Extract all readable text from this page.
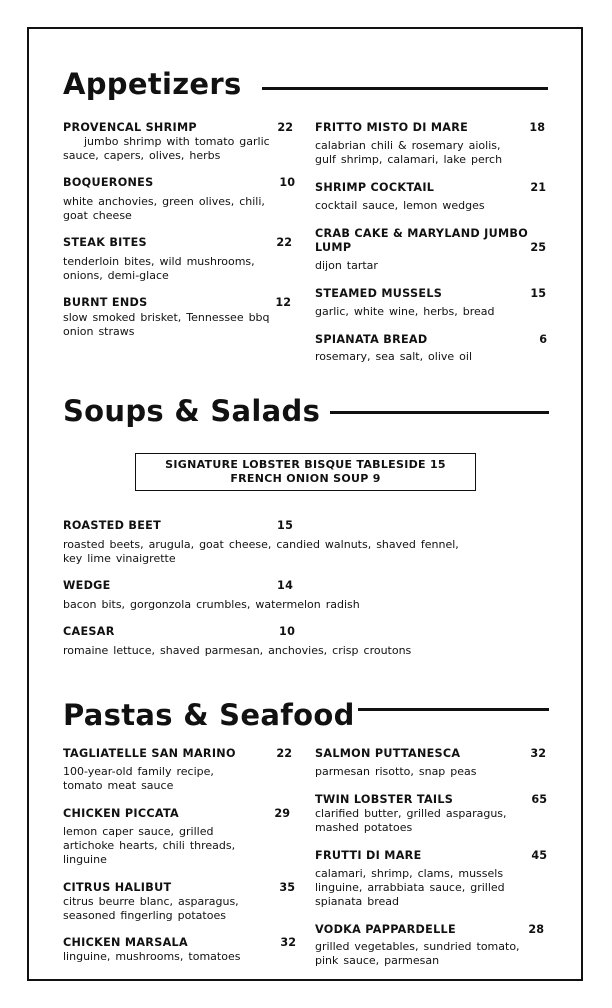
Appetizers
PROVENCAL SHRIMP	22
jumbo shrimp with tomato garlic
sauce, capers, olives, herbs
BOQUERONES	10
white anchovies, green olives, chili,
goat cheese
STEAK BITES	22
tenderloin bites, wild mushrooms,
onions, demi-glace
BURNT ENDS	12
slow smoked brisket, Tennessee bbq
onion straws
FRITTO MISTO DI MARE	18
calabrian chili & rosemary aiolis,
gulf shrimp, calamari, lake perch
SHRIMP COCKTAIL	21
cocktail sauce, lemon wedges
CRAB CAKE & MARYLAND JUMBO LUMP	25
dijon tartar
STEAMED MUSSELS	15
garlic, white wine, herbs, bread
SPIANATA BREAD	6
rosemary, sea salt, olive oil
Soups & Salads
SIGNATURE LOBSTER BISQUE TABLESIDE 15
FRENCH ONION SOUP 9
ROASTED BEET	15
roasted beets, arugula, goat cheese, candied walnuts, shaved fennel,
key lime vinaigrette
WEDGE	14
bacon bits, gorgonzola crumbles, watermelon radish
CAESAR	10
romaine lettuce, shaved parmesan, anchovies, crisp croutons
Pastas & Seafood
TAGLIATELLE SAN MARINO	22
100-year-old family recipe,
tomato meat sauce
CHICKEN PICCATA	29
lemon caper sauce, grilled
artichoke hearts, chili threads,
linguine
CITRUS HALIBUT	35
citrus beurre blanc, asparagus,
seasoned fingerling potatoes
CHICKEN MARSALA	32
linguine, mushrooms, tomatoes
SALMON PUTTANESCA	32
parmesan risotto, snap peas
TWIN LOBSTER TAILS	65
clarified butter, grilled asparagus,
mashed potatoes
FRUTTI DI MARE	45
calamari, shrimp, clams, mussels
linguine, arrabbiata sauce, grilled
spianata bread
VODKA PAPPARDELLE	28
grilled vegetables, sundried tomato,
pink sauce, parmesan
